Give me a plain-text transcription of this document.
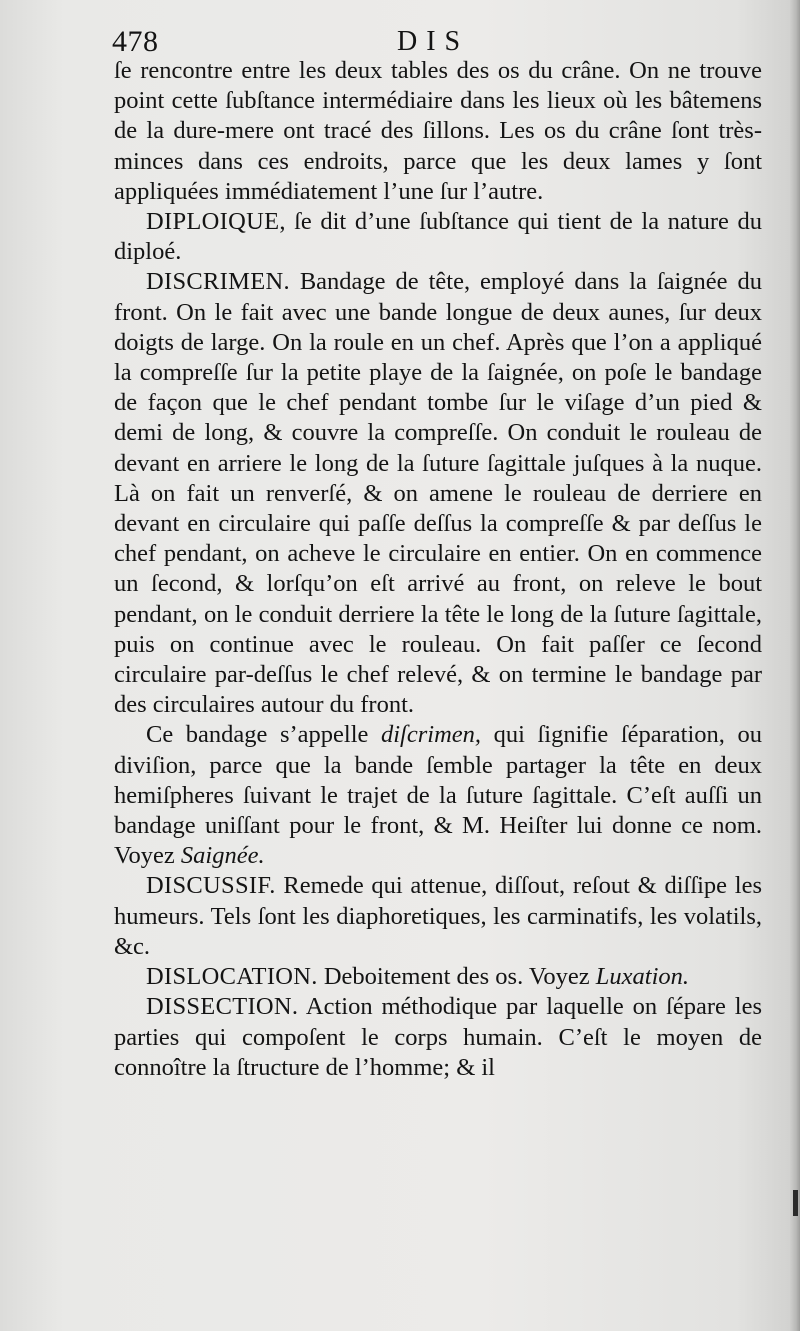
478	DIS

ſe rencontre entre les deux tables des os du crâne. On ne trouve point cette ſubſtance intermédiaire dans les lieux où les bâtemens de la dure-mere ont tracé des ſillons. Les os du crâne ſont très-minces dans ces endroits, parce que les deux lames y ſont appliquées immédiatement l’une ſur l’autre.

DIPLOIQUE, ſe dit d’une ſubſtance qui tient de la nature du diploé.

DISCRIMEN. Bandage de tête, employé dans la ſaignée du front. On le fait avec une bande longue de deux aunes, ſur deux doigts de large. On la roule en un chef. Après que l’on a appliqué la compreſſe ſur la petite playe de la ſaignée, on poſe le bandage de façon que le chef pendant tombe ſur le viſage d’un pied & demi de long, & couvre la compreſſe. On conduit le rouleau de devant en arriere le long de la ſuture ſagittale juſques à la nuque. Là on fait un renverſé, & on amene le rouleau de derriere en devant en circulaire qui paſſe deſſus la compreſſe & par deſſus le chef pendant, on acheve le circulaire en entier. On en commence un ſecond, & lorſqu’on eſt arrivé au front, on releve le bout pendant, on le conduit derriere la tête le long de la ſuture ſagittale, puis on continue avec le rouleau. On fait paſſer ce ſecond circulaire par-deſſus le chef relevé, & on termine le bandage par des circulaires autour du front.

Ce bandage s’appelle diſcrimen, qui ſignifie ſéparation, ou diviſion, parce que la bande ſemble partager la tête en deux hemiſpheres ſuivant le trajet de la ſuture ſagittale. C’eſt auſſi un bandage uniſſant pour le front, & M. Heiſter lui donne ce nom. Voyez Saignée.

DISCUSSIF. Remede qui attenue, diſſout, reſout & diſſipe les humeurs. Tels ſont les diaphoretiques, les carminatifs, les volatils, &c.

DISLOCATION. Deboitement des os. Voyez Luxation.

DISSECTION. Action méthodique par laquelle on ſépare les parties qui compoſent le corps humain. C’eſt le moyen de connoître la ſtructure de l’homme; & il
